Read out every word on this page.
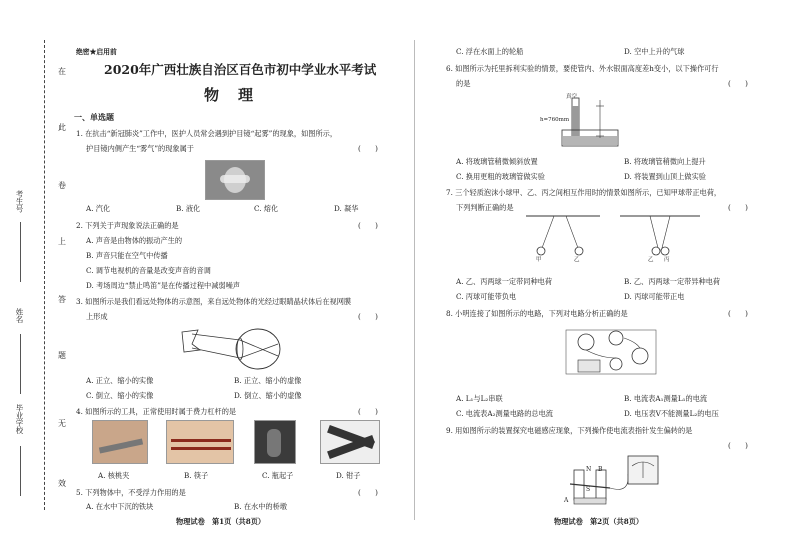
在
此
卷
上
答
题
无
效
考生号
姓名
毕业学校
绝密★启用前
2020年广西壮族自治区百色市初中学业水平考试
物　理
一、单选题
1. 在抗击“新冠肺炎”工作中，医护人员常会遇到护目镜“起雾”的现象，如图所示，
护目镜内侧产生“雾气”的现象属于	(　　)
A. 汽化	B. 液化	C. 熔化	D. 凝华
2. 下列关于声现象说法正确的是	(　　)
A. 声音是由物体的振动产生的
B. 声音只能在空气中传播
C. 调节电视机的音量是改变声音的音调
D. 考场周边“禁止鸣笛”是在传播过程中减弱噪声
3. 如图所示是我们看远处物体的示意图，来自远处物体的光经过眼睛晶状体后在视网膜
上形成	(　　)
A. 正立、缩小的实像	B. 正立、缩小的虚像
C. 倒立、缩小的实像	D. 倒立、缩小的虚像
4. 如图所示的工具，正常使用时属于费力杠杆的是	(　　)
A. 核桃夹	B. 筷子	C. 瓶起子	D. 钳子
5. 下列物体中，不受浮力作用的是	(　　)
A. 在水中下沉的铁块	B. 在水中的桥墩
物理试卷　第1页（共8页）
C. 浮在水面上的轮船	D. 空中上升的气球
6. 如图所示为托里拆利实验的情景，要使管内、外水银面高度差h变小，以下操作可行
的是	(　　)
真空
h=760mm
A. 将玻璃管稍微倾斜放置	B. 将玻璃管稍微向上提升
C. 换用更粗的玻璃管做实验	D. 将装置到山顶上做实验
7. 三个轻质泡沫小球甲、乙、丙之间相互作用时的情景如图所示，已知甲球带正电荷，
下列判断正确的是	(　　)
甲	乙	乙 丙
A. 乙、丙两球一定带同种电荷	B. 乙、丙两球一定带异种电荷
C. 丙球可能带负电	D. 丙球可能带正电
8. 小明连接了如图所示的电路，下列对电路分析正确的是	(　　)
A. L₁与L₂串联	B. 电流表A₁测量L₁的电流
C. 电流表A₂测量电路的总电流	D. 电压表V不能测量L₂的电压
9. 用如图所示的装置探究电磁感应现象，下列操作使电流表指针发生偏转的是
(　　)
N B
S
A
物理试卷　第2页（共8页）
